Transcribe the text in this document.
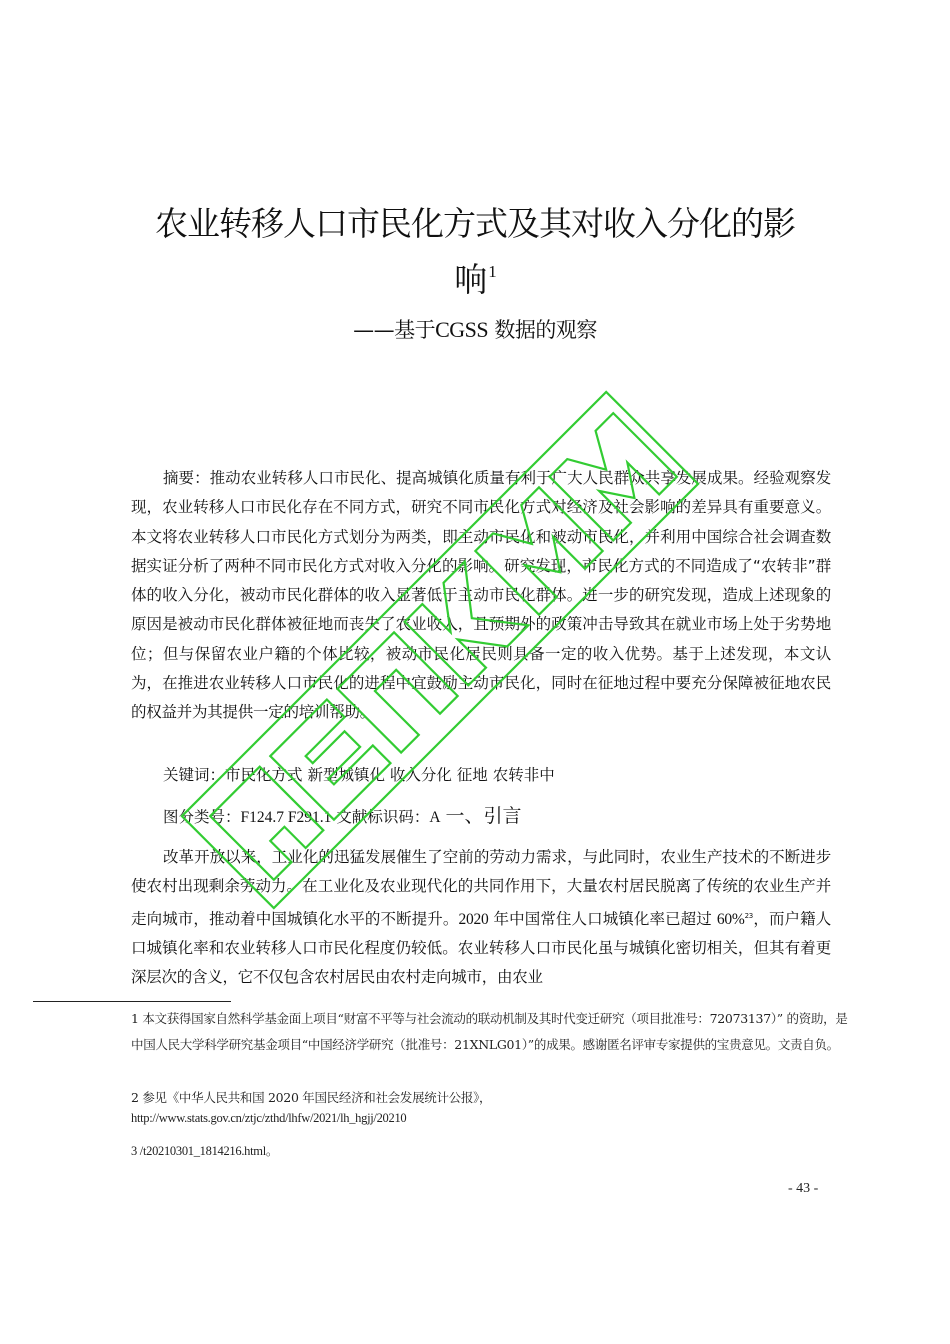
农业转移人口市民化方式及其对收入分化的影
响 $^1$
——基于CGSS 数据的观察

摘要：推动农业转移人口市民化、提高城镇化质量有利于广大人民群众共享发展成果。经验观察发现，农业转移人口市民化存在不同方式，研究不同市民化方式对经济及社会影响的差异具有重要意义。本文将农业转移人口市民化方式划分为两类，即主动市民化和被动市民化，并利用中国综合社会调查数据实证分析了两种不同市民化方式对收入分化的影响。研究发现，市民化方式的不同造成了“农转非”群体的收入分化，被动市民化群体的收入显著低于主动市民化群体。进一步的研究发现，造成上述现象的原因是被动市民化群体被征地而丧失了农业收入，且预期外的政策冲击导致其在就业市场上处于劣势地位；但与保留农业户籍的个体比较，被动市民化居民则具备一定的收入优势。基于上述发现，本文认为，在推进农业转移人口市民化的进程中宜鼓励主动市民化，同时在征地过程中要充分保障被征地农民的权益并为其提供一定的培训帮助。

关键词：市民化方式 新型城镇化 收入分化 征地 农转非中
图分类号：F124.7 F291.1 文献标识码：A 一、引言

改革开放以来，工业化的迅猛发展催生了空前的劳动力需求，与此同时，农业生产技术的不断进步使农村出现剩余劳动力。在工业化及农业现代化的共同作用下，大量农村居民脱离了传统的农业生产并走向城市，推动着中国城镇化水平的不断提升。2020 年中国常住人口城镇化率已超过 60%$^{23}$，而户籍人口城镇化率和农业转移人口市民化程度仍较低。农业转移人口市民化虽与城镇化密切相关，但其有着更深层次的含义，它不仅包含农村居民由农村走向城市，由农业

1 本文获得国家自然科学基金面上项目“财富不平等与社会流动的联动机制及其时代变迁研究（项目批准号：72073137）” 的资助，是中国人民大学科学研究基金项目“中国经济学研究（批准号：21XNLG01）”的成果。感谢匿名评审专家提供的宝贵意见。文责自负。
2 参见《中华人民共和国 2020 年国民经济和社会发展统计公报》，
http://www.stats.gov.cn/ztjc/zthd/lhfw/2021/lh_hgjj/20210
3 /t20210301_1814216.html。
- 43 -
